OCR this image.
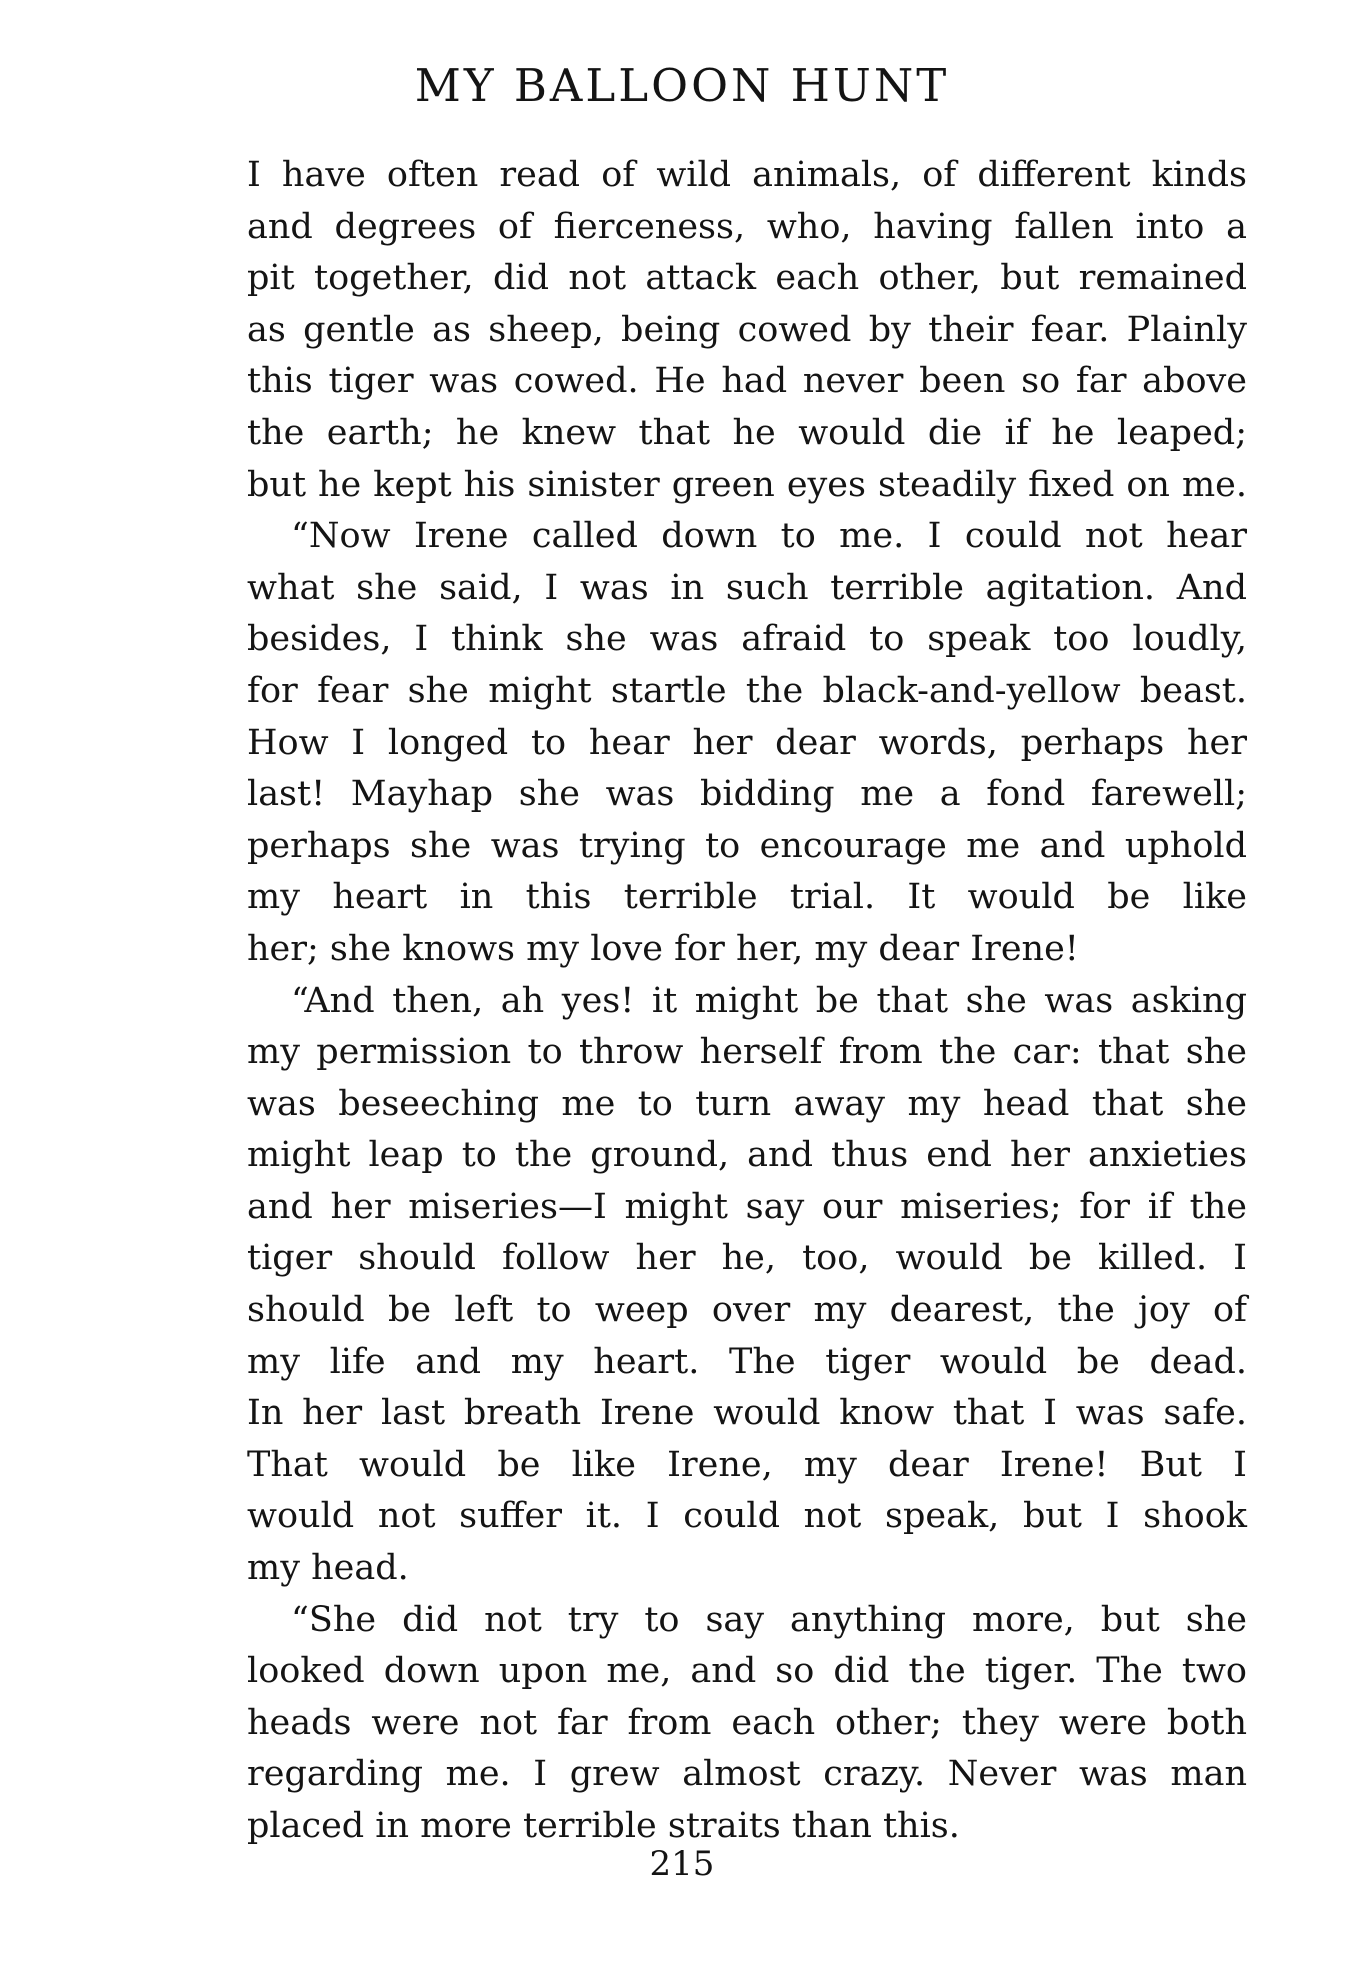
MY BALLOON HUNT

I have often read of wild animals, of different kinds
and degrees of fierceness, who, having fallen into a
pit together, did not attack each other, but remained
as gentle as sheep, being cowed by their fear. Plainly
this tiger was cowed. He had never been so far above
the earth; he knew that he would die if he leaped;
but he kept his sinister green eyes steadily fixed on me.

“Now Irene called down to me. I could not hear
what she said, I was in such terrible agitation. And
besides, I think she was afraid to speak too loudly,
for fear she might startle the black-and-yellow beast.
How I longed to hear her dear words, perhaps her
last! Mayhap she was bidding me a fond farewell;
perhaps she was trying to encourage me and uphold
my heart in this terrible trial. It would be like
her; she knows my love for her, my dear Irene!

“And then, ah yes! it might be that she was asking
my permission to throw herself from the car: that she
was beseeching me to turn away my head that she
might leap to the ground, and thus end her anxieties
and her miseries—I might say our miseries; for if the
tiger should follow her he, too, would be killed. I
should be left to weep over my dearest, the joy of
my life and my heart. The tiger would be dead.
In her last breath Irene would know that I was safe.
That would be like Irene, my dear Irene! But I
would not suffer it. I could not speak, but I shook
my head.

“She did not try to say anything more, but she
looked down upon me, and so did the tiger. The two
heads were not far from each other; they were both
regarding me. I grew almost crazy. Never was man
placed in more terrible straits than this.

215
